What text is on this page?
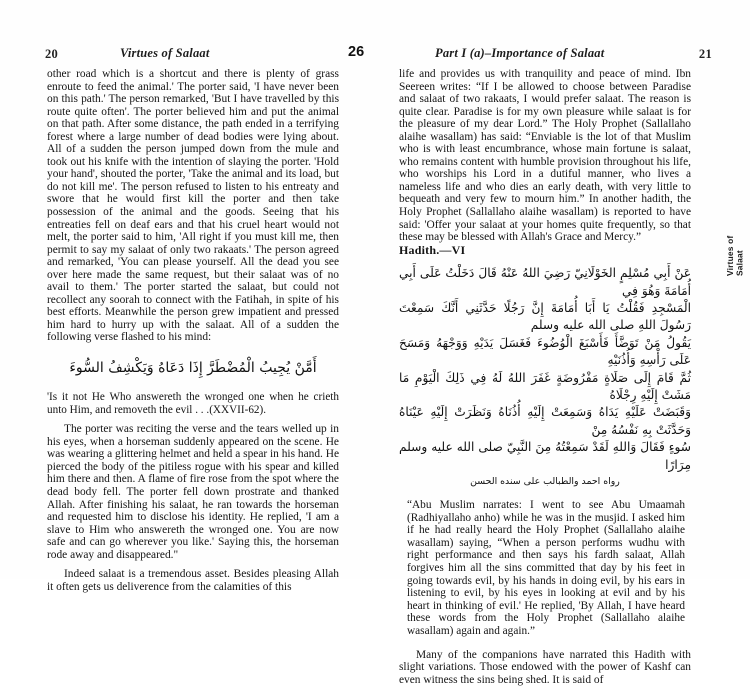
20	Virtues of Salaat	26	Part I (a)–Importance of Salaat	21

other road which is a shortcut and there is plenty of grass enroute to feed the animal.' The porter said, 'I have never been on this path.' The person remarked, 'But I have travelled by this route quite often'. The porter believed him and put the animal on that path. After some distance, the path ended in a terrifying forest where a large number of dead bodies were lying about. All of a sudden the person jumped down from the mule and took out his knife with the intention of slaying the porter. 'Hold your hand', shouted the porter, 'Take the animal and its load, but do not kill me'. The person refused to listen to his entreaty and swore that he would first kill the porter and then take possession of the animal and the goods. Seeing that his entreaties fell on deaf ears and that his cruel heart would not melt, the porter said to him, 'All right if you must kill me, then permit to say my salaat of only two rakaats.' The person agreed and remarked, 'You can please yourself. All the dead you see over here made the same request, but their salaat was of no avail to them.' The porter started the salaat, but could not recollect any soorah to connect with the Fatihah, in spite of his best efforts. Meanwhile the person grew impatient and pressed him hard to hurry up with the salaat. All of a sudden the following verse flashed to his mind:

أَمَّنْ يُجِيبُ الْمُضْطَرَّ إِذَا دَعَاهُ وَيَكْشِفُ السُّوءَ

'Is it not He Who answereth the wronged one when he crieth unto Him, and removeth the evil . . .(XXVII-62).

The porter was reciting the verse and the tears welled up in his eyes, when a horseman suddenly appeared on the scene. He was wearing a glittering helmet and held a spear in his hand. He pierced the body of the pitiless rogue with his spear and killed him there and then. A flame of fire rose from the spot where the dead body fell. The porter fell down prostrate and thanked Allah. After finishing his salaat, he ran towards the horseman and requested him to disclose his identity. He replied, 'I am a slave to Him who answereth the wronged one. You are now safe and can go wherever you like.' Saying this, the horseman rode away and disappeared."

Indeed salaat is a tremendous asset. Besides pleasing Allah it often gets us deliverence from the calamities of this

life and provides us with tranquility and peace of mind. Ibn Seereen writes: “If I be allowed to choose between Paradise and salaat of two rakaats, I would prefer salaat. The reason is quite clear. Paradise is for my own pleasure while salaat is for the pleasure of my dear Lord.” The Holy Prophet (Sallallaho alaihe wasallam) has said: “Enviable is the lot of that Muslim who is with least encumbrance, whose main fortune is salaat, who remains content with humble provision throughout his life, who worships his Lord in a dutiful manner, who lives a nameless life and who dies an early death, with very little to bequeath and very few to mourn him.” In another hadith, the Holy Prophet (Sallallaho alaihe wasallam) is reported to have said: 'Offer your salaat at your homes quite frequently, so that these may be blessed with Allah's Grace and Mercy.”

Hadith.—VI

عَنْ أَبِي مُسْلِمٍ الخَوْلَانِيّ رَضِيَ اللهُ عَنْهُ قَالَ دَخَلْتُ عَلَى أَبِي أُمَامَةَ وَهُوَ فِي
الْمَسْجِدِ فَقُلْتُ يَا أَبَا أُمَامَةَ إِنَّ رَجُلًا حَدَّثَنِي أَنَّكَ سَمِعْتَ رَسُولَ اللهِ صلى الله عليه وسلم
يَقُولُ مَنْ تَوَضَّأَ فَأَسْبَغَ الْوُضُوءَ فَغَسَلَ يَدَيْهِ وَوَجْهَهُ وَمَسَحَ عَلَى رَأْسِهِ وَأُذُنَيْهِ
ثُمَّ قَامَ إِلَى صَلَاةٍ مَفْرُوضَةٍ غَفَرَ اللهُ لَهُ فِي ذَلِكَ الْيَوْمِ مَا مَشَتْ إِلَيْهِ رِجْلَاهُ
وَقَبَضَتْ عَلَيْهِ يَدَاهُ وَسَمِعَتْ إِلَيْهِ أُذُنَاهُ وَنَظَرَتْ إِلَيْهِ عَيْنَاهُ وَحَدَّثَتْ بِهِ نَفْسُهُ مِنْ
سُوءٍ فَقَالَ وَاللهِ لَقَدْ سَمِعْتُهُ مِنَ النَّبِيّ صلى الله عليه وسلم مِرَارًا
رواه احمد والطبالب على سنده الحسن

“Abu Muslim narrates: I went to see Abu Umaamah (Radhiyallaho anho) while he was in the musjid. I asked him if he had really heard the Holy Prophet (Sallallaho alaihe wasallam) saying, “When a person performs wudhu with right performance and then says his fardh salaat, Allah forgives him all the sins committed that day by his feet in going towards evil, by his hands in doing evil, by his ears in listening to evil, by his eyes in looking at evil and by his heart in thinking of evil.' He replied, 'By Allah, I have heard these words from the Holy Prophet (Sallallaho alaihe wasallam) again and again.”

Many of the companions have narrated this Hadith with slight variations. Those endowed with the power of Kashf can even witness the sins being shed. It is said of

Virtues of Salaat
